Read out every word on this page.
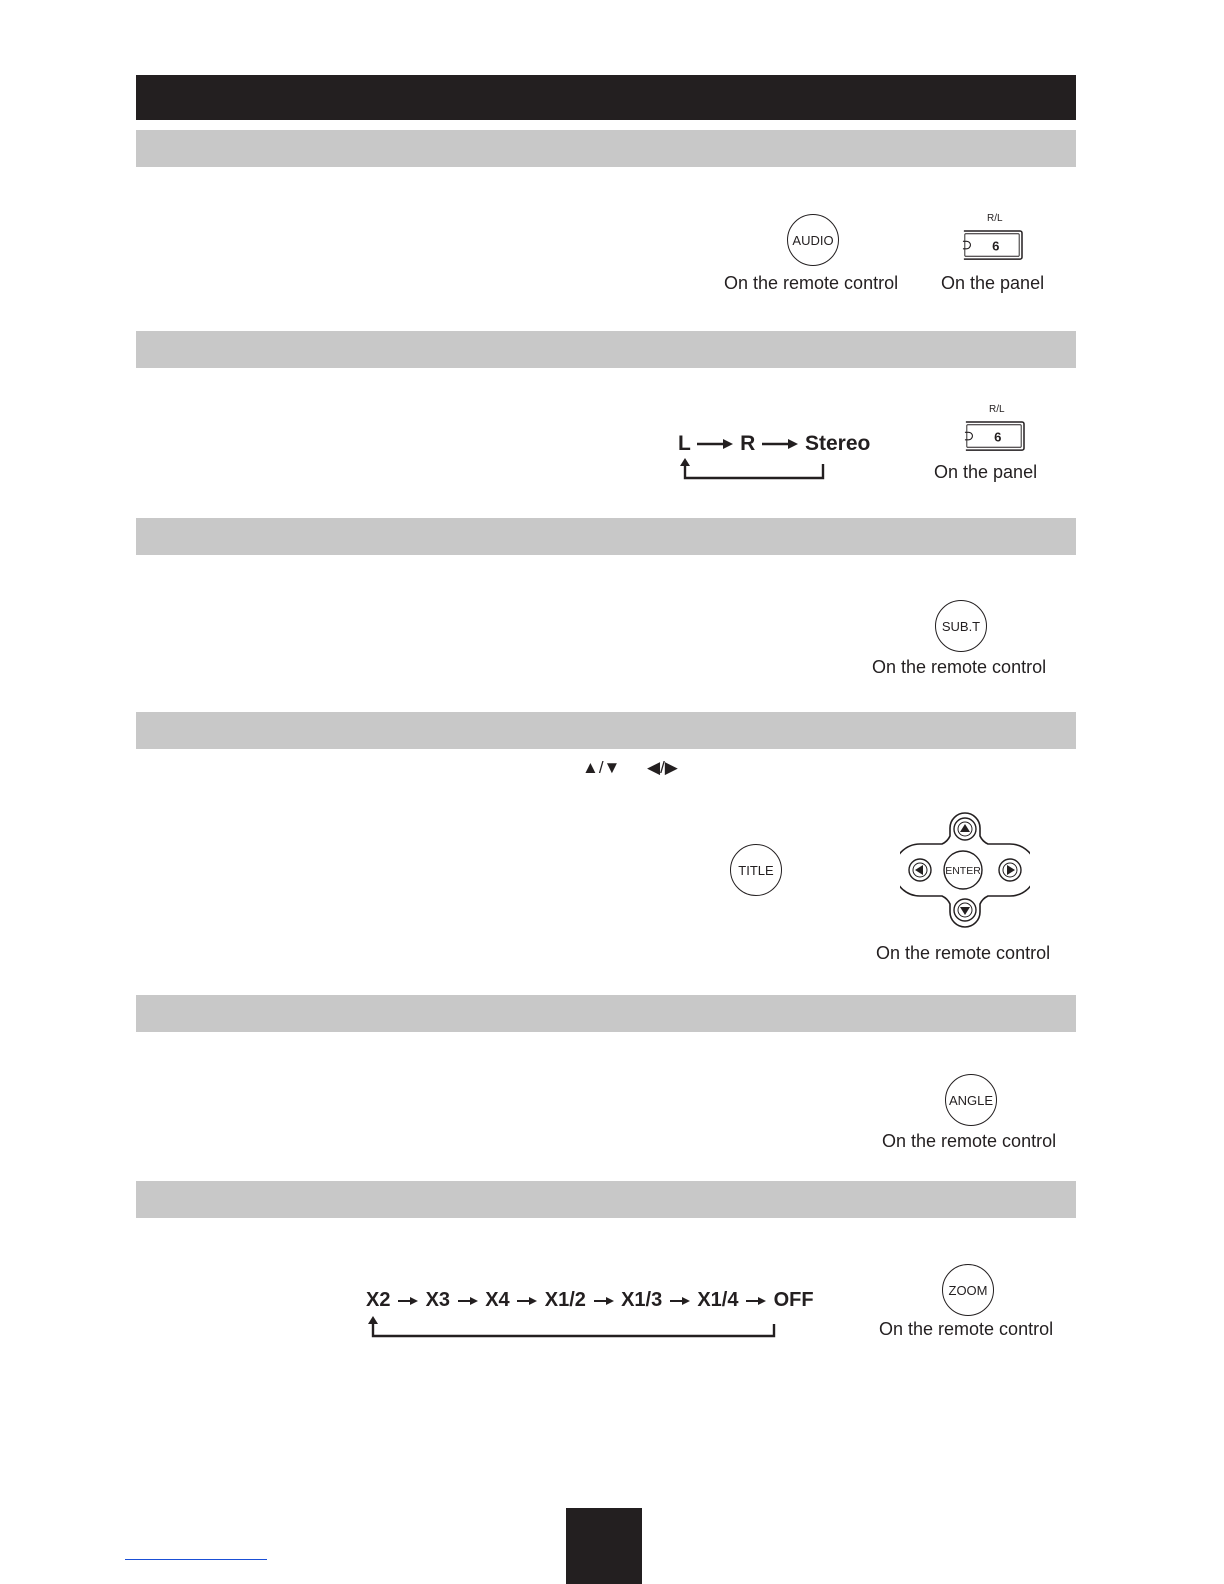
AUDIO
On the remote control
R/L
6
On the panel
L R Stereo
R/L
6
On the panel
SUB.T
On the remote control
▲/▼ ◀/▶
TITLE	ENTER
On the remote control
ANGLE
On the remote control
X2 X3 X4 X1/2 X1/3 X1/4 OFF	ZOOM
On the remote control
